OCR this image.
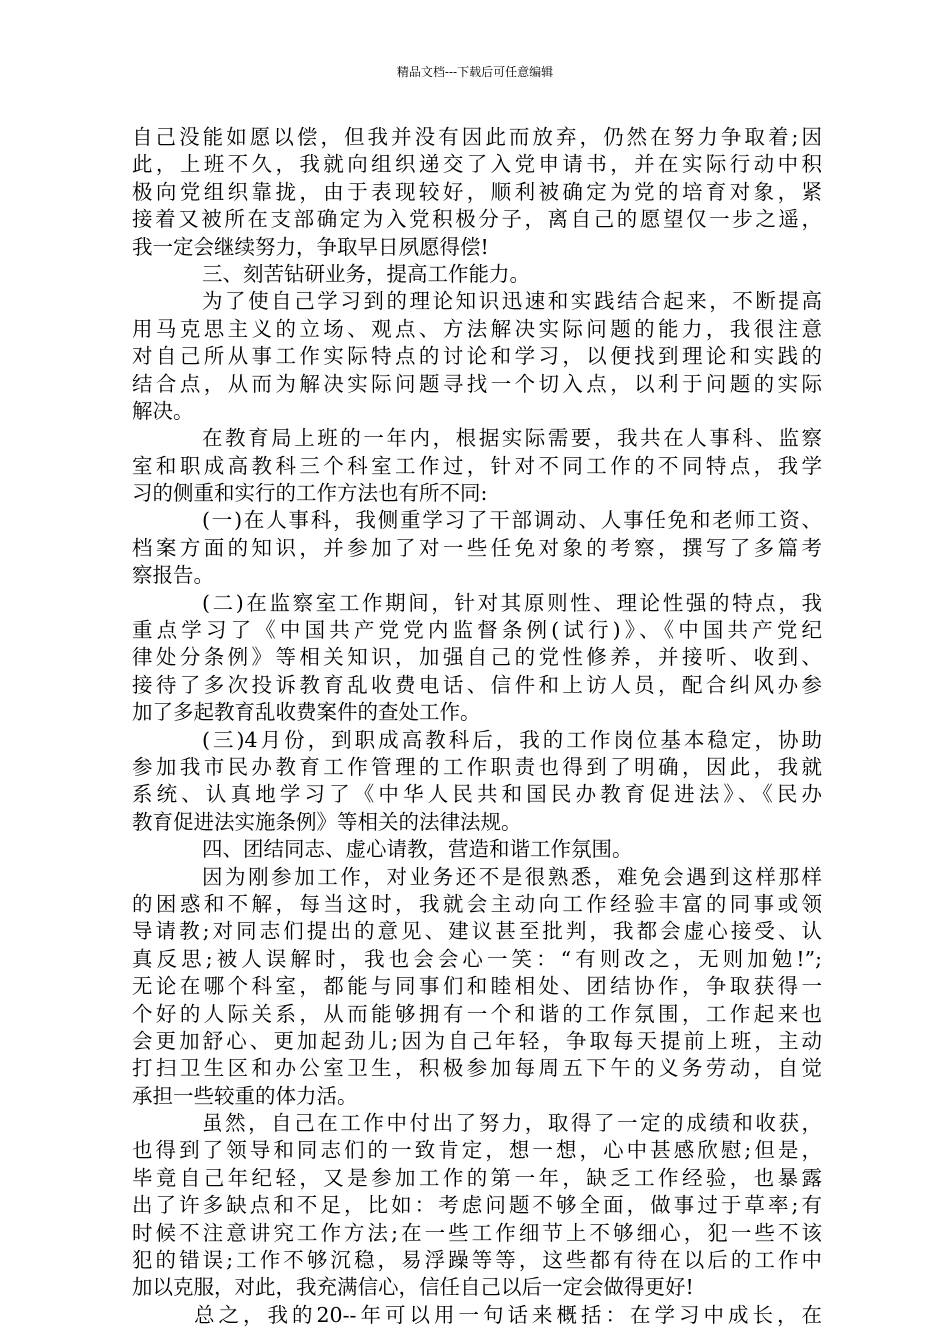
精品文档---下载后可任意编辑
自己没能如愿以偿，但我并没有因此而放弃，仍然在努力争取着;因
此，上班不久，我就向组织递交了入党申请书，并在实际行动中积
极向党组织靠拢，由于表现较好，顺利被确定为党的培育对象，紧
接着又被所在支部确定为入党积极分子，离自己的愿望仅一步之遥，
我一定会继续努力，争取早日夙愿得偿!
三、刻苦钻研业务，提高工作能力。
为了使自己学习到的理论知识迅速和实践结合起来，不断提高
用马克思主义的立场、观点、方法解决实际问题的能力，我很注意
对自己所从事工作实际特点的讨论和学习，以便找到理论和实践的
结合点，从而为解决实际问题寻找一个切入点，以利于问题的实际
解决。
在教育局上班的一年内，根据实际需要，我共在人事科、监察
室和职成高教科三个科室工作过，针对不同工作的不同特点，我学
习的侧重和实行的工作方法也有所不同:
(一)在人事科，我侧重学习了干部调动、人事任免和老师工资、
档案方面的知识，并参加了对一些任免对象的考察，撰写了多篇考
察报告。
(二)在监察室工作期间，针对其原则性、理论性强的特点，我
重点学习了《中国共产党党内监督条例(试行)》、《中国共产党纪
律处分条例》等相关知识，加强自己的党性修养，并接听、收到、
接待了多次投诉教育乱收费电话、信件和上访人员，配合纠风办参
加了多起教育乱收费案件的查处工作。
(三)4月份，到职成高教科后，我的工作岗位基本稳定，协助
参加我市民办教育工作管理的工作职责也得到了明确，因此，我就
系统、认真地学习了《中华人民共和国民办教育促进法》、《民办
教育促进法实施条例》等相关的法律法规。
四、团结同志、虚心请教，营造和谐工作氛围。
因为刚参加工作，对业务还不是很熟悉，难免会遇到这样那样
的困惑和不解，每当这时，我就会主动向工作经验丰富的同事或领
导请教;对同志们提出的意见、建议甚至批判，我都会虚心接受、认
真反思;被人误解时，我也会会心一笑：“有则改之，无则加勉!”;
无论在哪个科室，都能与同事们和睦相处、团结协作，争取获得一
个好的人际关系，从而能够拥有一个和谐的工作氛围，工作起来也
会更加舒心、更加起劲儿;因为自己年轻，争取每天提前上班，主动
打扫卫生区和办公室卫生，积极参加每周五下午的义务劳动，自觉
承担一些较重的体力活。
虽然，自己在工作中付出了努力，取得了一定的成绩和收获，
也得到了领导和同志们的一致肯定，想一想，心中甚感欣慰;但是，
毕竟自己年纪轻，又是参加工作的第一年，缺乏工作经验，也暴露
出了许多缺点和不足，比如：考虑问题不够全面，做事过于草率;有
时候不注意讲究工作方法;在一些工作细节上不够细心，犯一些不该
犯的错误;工作不够沉稳，易浮躁等等，这些都有待在以后的工作中
加以克服，对此，我充满信心，信任自己以后一定会做得更好!
总之，我的20--年可以用一句话来概括：在学习中成长，在
